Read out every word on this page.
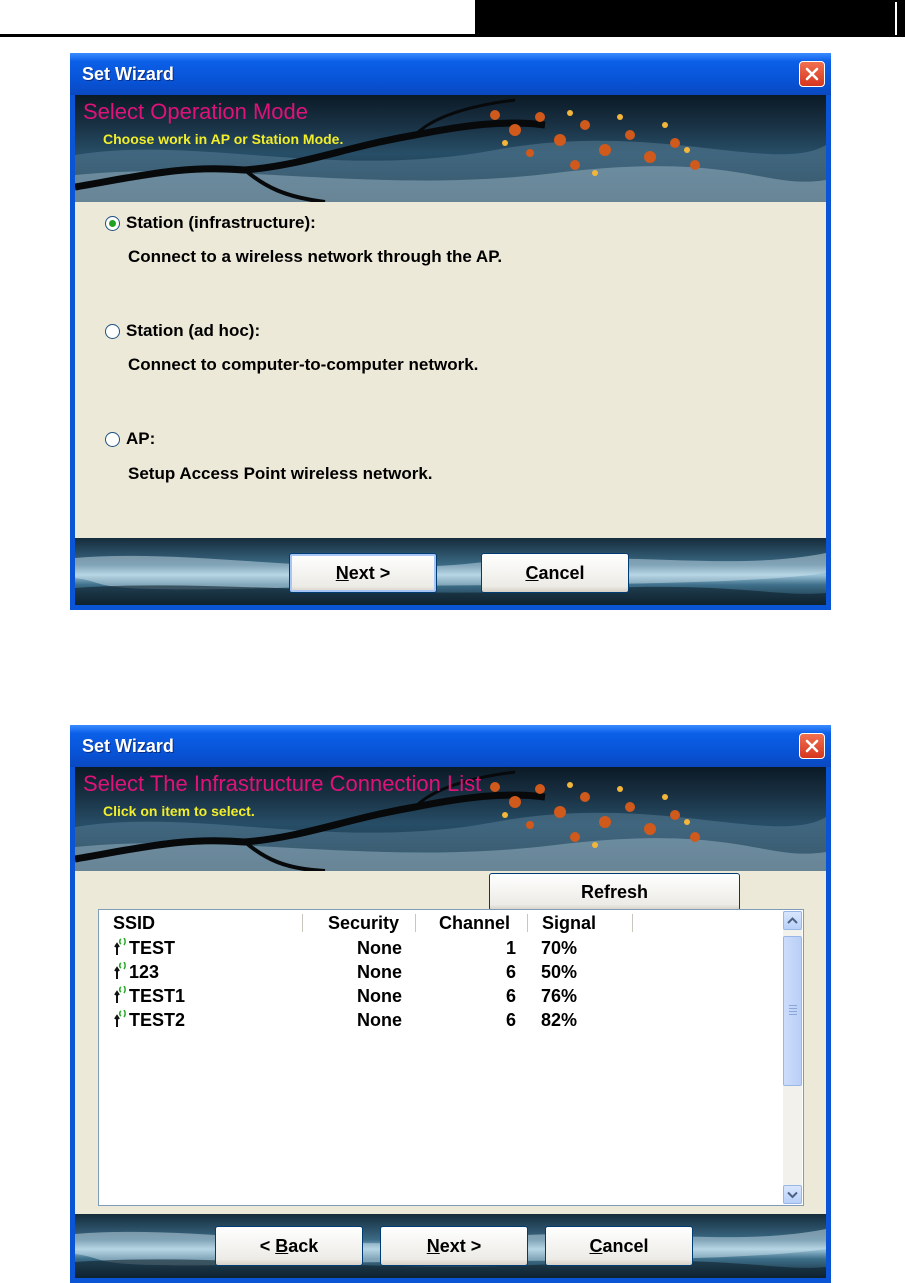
Set Wizard
Select Operation Mode
Choose work in AP or Station Mode.
Station (infrastructure):
Connect to a wireless network through the AP.
Station (ad hoc):
Connect to computer-to-computer network.
AP:
Setup Access Point wireless network.
Next >	Cancel
Set Wizard
Select The Infrastructure Connection List
Click on item to select.
Refresh
SSID	Security Channel Signal
TEST	None	1 70%
123	None	6 50%
TEST1	None	6 76%
TEST2	None	6 82%
< Back	Next >	Cancel
